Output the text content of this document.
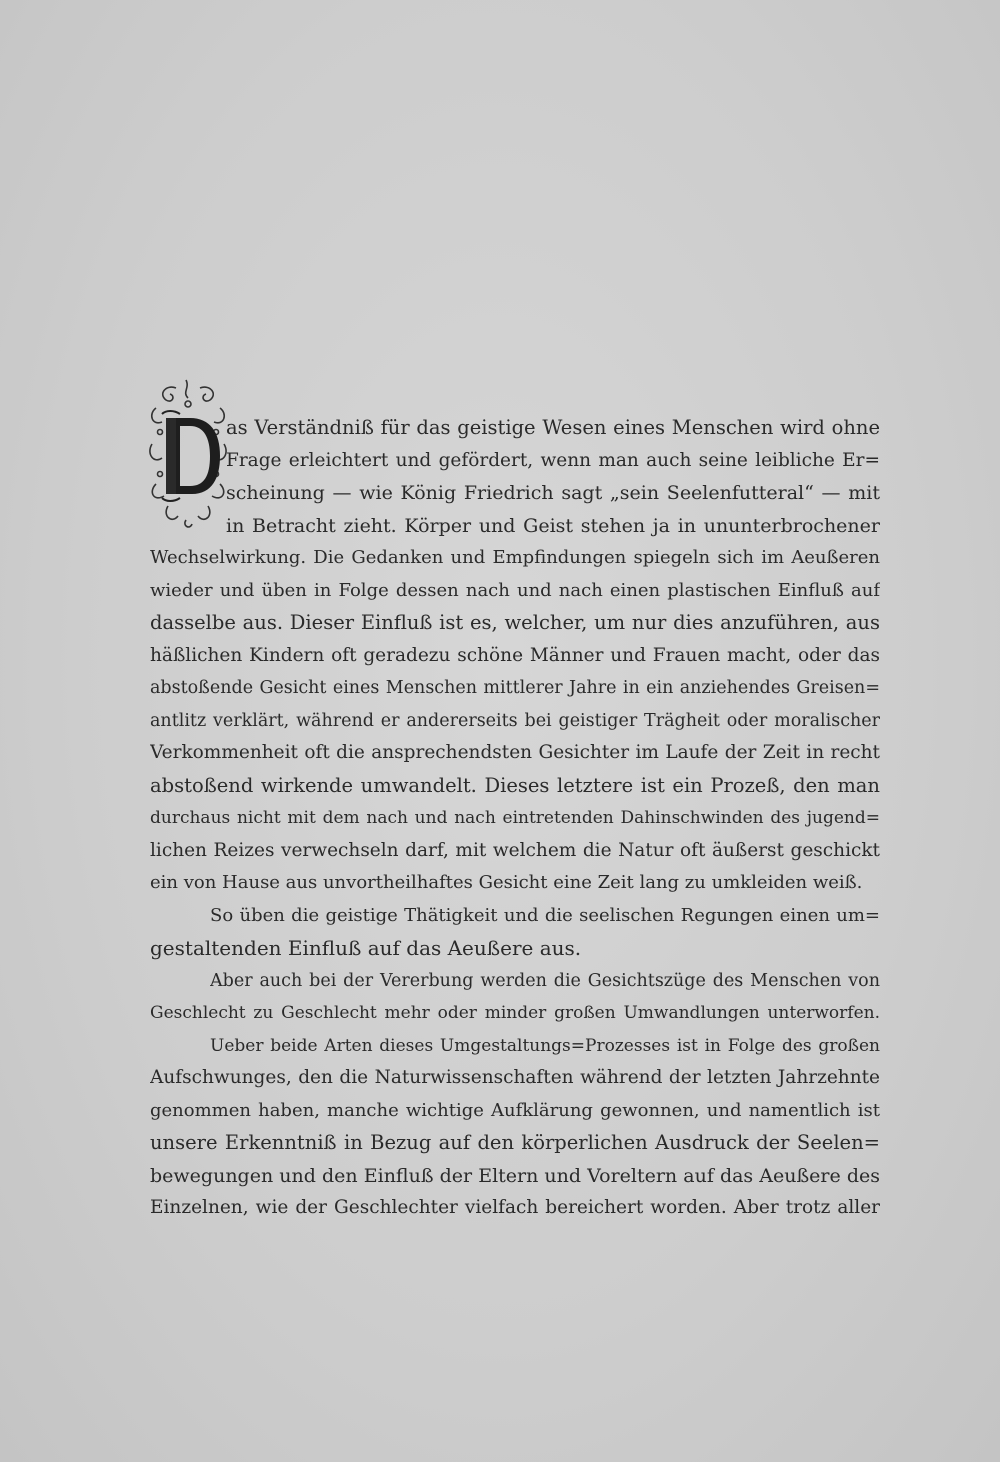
as Verständniß für das geistige Wesen eines Menschen wird ohne
Frage erleichtert und gefördert, wenn man auch seine leibliche Er=
scheinung — wie König Friedrich sagt „sein Seelenfutteral“ — mit
in Betracht zieht. Körper und Geist stehen ja in ununterbrochener
Wechselwirkung. Die Gedanken und Empfindungen spiegeln sich im Aeußeren
wieder und üben in Folge dessen nach und nach einen plastischen Einfluß auf
dasselbe aus. Dieser Einfluß ist es, welcher, um nur dies anzuführen, aus
häßlichen Kindern oft geradezu schöne Männer und Frauen macht, oder das
abstoßende Gesicht eines Menschen mittlerer Jahre in ein anziehendes Greisen=
antlitz verklärt, während er andererseits bei geistiger Trägheit oder moralischer
Verkommenheit oft die ansprechendsten Gesichter im Laufe der Zeit in recht
abstoßend wirkende umwandelt. Dieses letztere ist ein Prozeß, den man
durchaus nicht mit dem nach und nach eintretenden Dahinschwinden des jugend=
lichen Reizes verwechseln darf, mit welchem die Natur oft äußerst geschickt
ein von Hause aus unvortheilhaftes Gesicht eine Zeit lang zu umkleiden weiß.
So üben die geistige Thätigkeit und die seelischen Regungen einen um=
gestaltenden Einfluß auf das Aeußere aus.
Aber auch bei der Vererbung werden die Gesichtszüge des Menschen von
Geschlecht zu Geschlecht mehr oder minder großen Umwandlungen unterworfen.
Ueber beide Arten dieses Umgestaltungs=Prozesses ist in Folge des großen
Aufschwunges, den die Naturwissenschaften während der letzten Jahrzehnte
genommen haben, manche wichtige Aufklärung gewonnen, und namentlich ist
unsere Erkenntniß in Bezug auf den körperlichen Ausdruck der Seelen=
bewegungen und den Einfluß der Eltern und Voreltern auf das Aeußere des
Einzelnen, wie der Geschlechter vielfach bereichert worden. Aber trotz aller
